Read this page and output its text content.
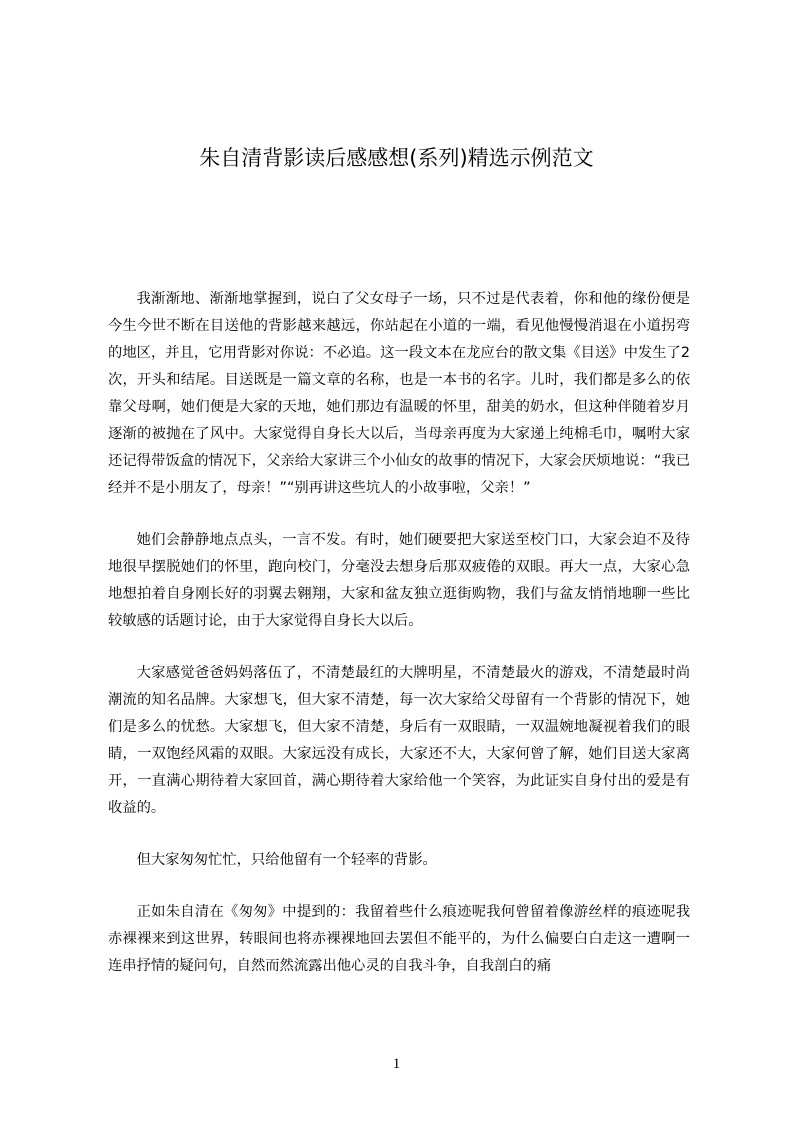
朱自清背影读后感感想(系列)精选示例范文

我渐渐地、渐渐地掌握到，说白了父女母子一场，只不过是代表着，你和他的缘份便是今生今世不断在目送他的背影越来越远，你站起在小道的一端，看见他慢慢消退在小道拐弯的地区，并且，它用背影对你说：不必追。这一段文本在龙应台的散文集《目送》中发生了2次，开头和结尾。目送既是一篇文章的名称，也是一本书的名字。儿时，我们都是多么的依靠父母啊，她们便是大家的天地，她们那边有温暖的怀里，甜美的奶水，但这种伴随着岁月逐渐的被抛在了风中。大家觉得自身长大以后，当母亲再度为大家递上纯棉毛巾，嘱咐大家还记得带饭盒的情况下，父亲给大家讲三个小仙女的故事的情况下，大家会厌烦地说：“我已经并不是小朋友了，母亲！”“别再讲这些坑人的小故事啦，父亲！”

她们会静静地点点头，一言不发。有时，她们硬要把大家送至校门口，大家会迫不及待地很早摆脱她们的怀里，跑向校门，分毫没去想身后那双疲倦的双眼。再大一点，大家心急地想拍着自身刚长好的羽翼去翱翔，大家和盆友独立逛街购物，我们与盆友悄悄地聊一些比较敏感的话题讨论，由于大家觉得自身长大以后。

大家感觉爸爸妈妈落伍了，不清楚最红的大牌明星，不清楚最火的游戏，不清楚最时尚潮流的知名品牌。大家想飞，但大家不清楚，每一次大家给父母留有一个背影的情况下，她们是多么的忧愁。大家想飞，但大家不清楚，身后有一双眼睛，一双温婉地凝视着我们的眼睛，一双饱经风霜的双眼。大家远没有成长，大家还不大，大家何曾了解，她们目送大家离开，一直满心期待着大家回首，满心期待着大家给他一个笑容，为此证实自身付出的爱是有收益的。

但大家匆匆忙忙，只给他留有一个轻率的背影。

正如朱自清在《匆匆》中提到的：我留着些什么痕迹呢我何曾留着像游丝样的痕迹呢我赤裸裸来到这世界，转眼间也将赤裸裸地回去罢但不能平的，为什么偏要白白走这一遭啊一连串抒情的疑问句，自然而然流露出他心灵的自我斗争，自我剖白的痛

1
